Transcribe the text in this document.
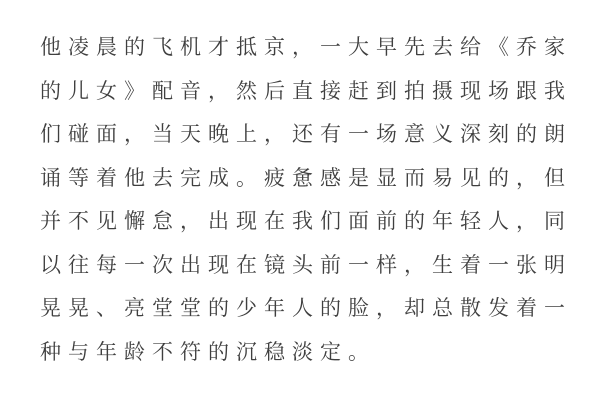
他凌晨的飞机才抵京，一大早先去给《乔家
的儿女》配音，然后直接赶到拍摄现场跟我
们碰面，当天晚上，还有一场意义深刻的朗
诵等着他去完成。疲惫感是显而易见的，但
并不见懈怠，出现在我们面前的年轻人，同
以往每一次出现在镜头前一样，生着一张明
晃晃、亮堂堂的少年人的脸，却总散发着一
种与年龄不符的沉稳淡定。
